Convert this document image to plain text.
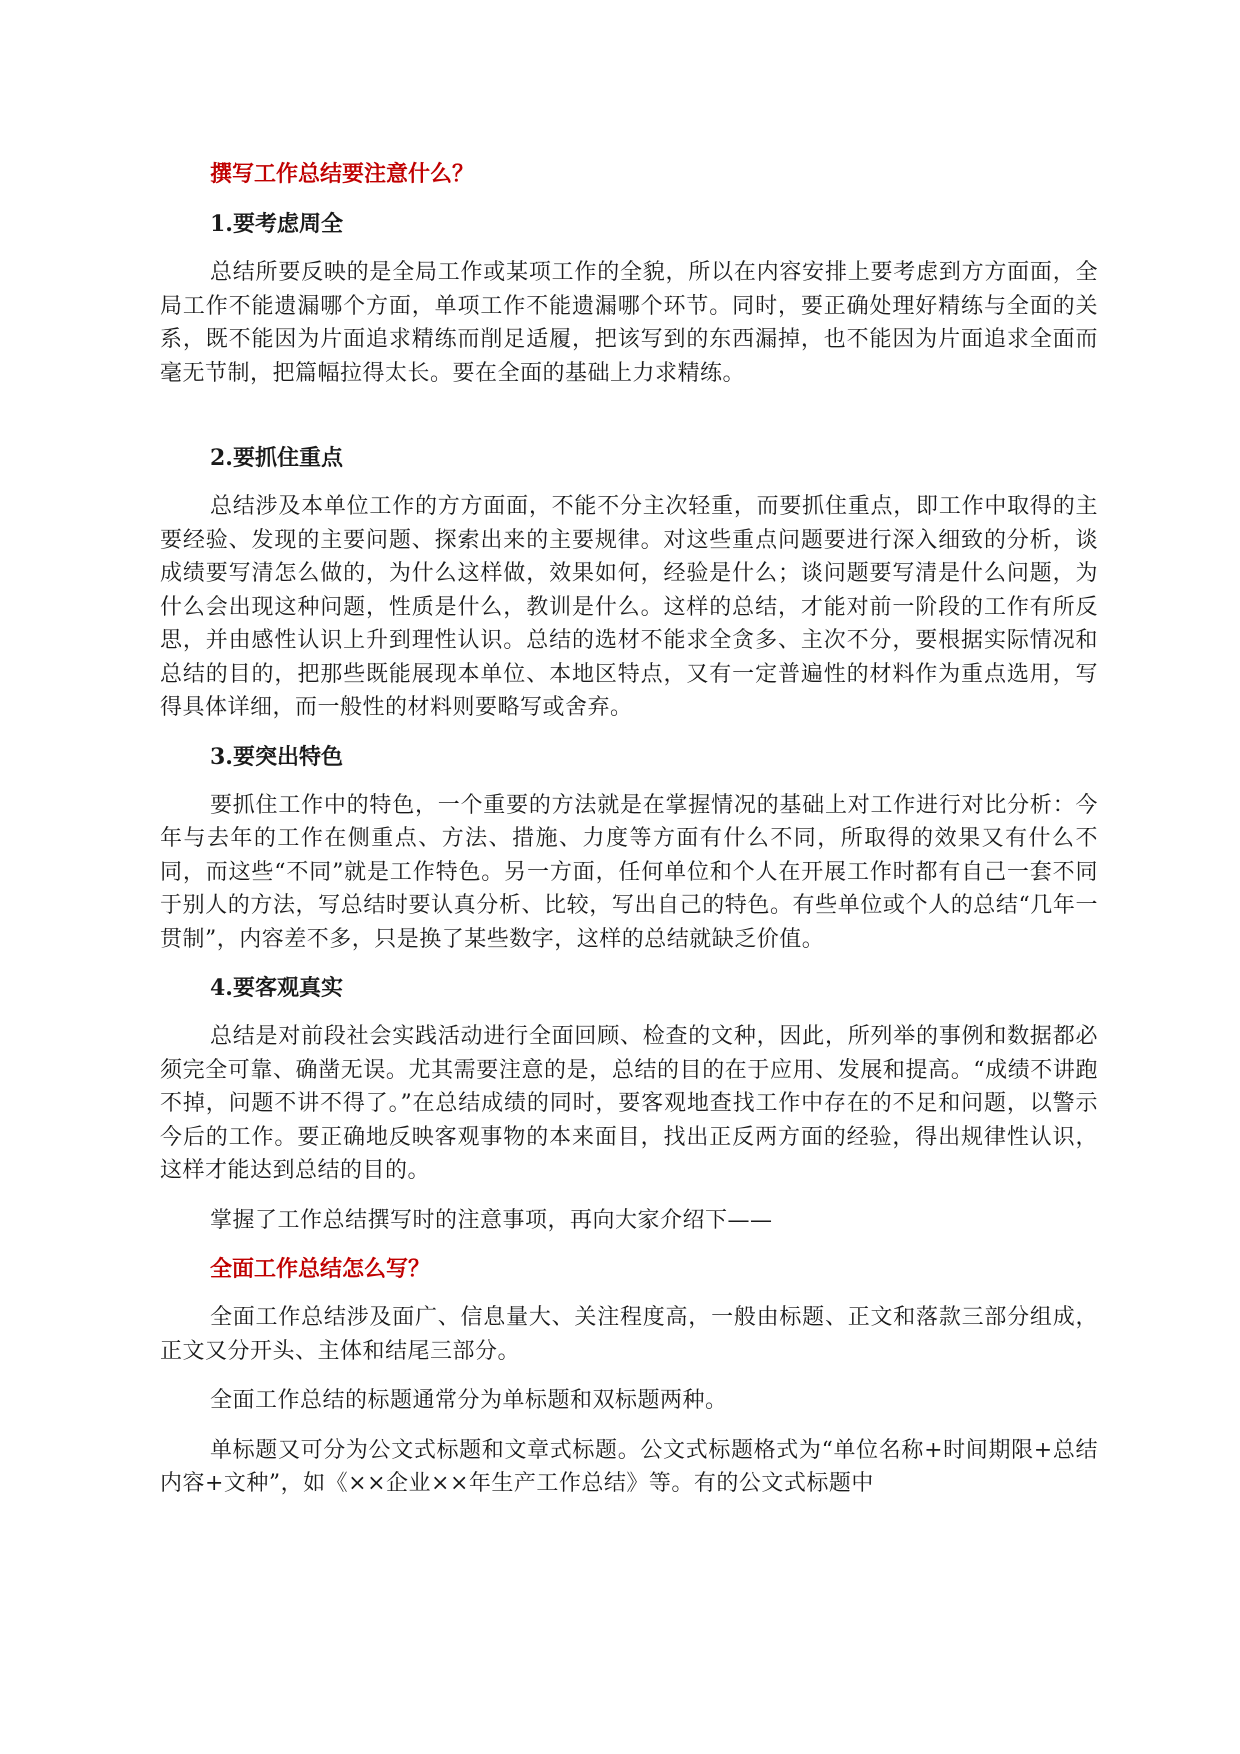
撰写工作总结要注意什么？
1.要考虑周全

总结所要反映的是全局工作或某项工作的全貌，所以在内容安排上要考虑到方方面面，全局工作不能遗漏哪个方面，单项工作不能遗漏哪个环节。同时，要正确处理好精练与全面的关系，既不能因为片面追求精练而削足适履，把该写到的东西漏掉，也不能因为片面追求全面而毫无节制，把篇幅拉得太长。要在全面的基础上力求精练。

2.要抓住重点

总结涉及本单位工作的方方面面，不能不分主次轻重，而要抓住重点，即工作中取得的主要经验、发现的主要问题、探索出来的主要规律。对这些重点问题要进行深入细致的分析，谈成绩要写清怎么做的，为什么这样做，效果如何，经验是什么；谈问题要写清是什么问题，为什么会出现这种问题，性质是什么，教训是什么。这样的总结，才能对前一阶段的工作有所反思，并由感性认识上升到理性认识。总结的选材不能求全贪多、主次不分，要根据实际情况和总结的目的，把那些既能展现本单位、本地区特点，又有一定普遍性的材料作为重点选用，写得具体详细，而一般性的材料则要略写或舍弃。

3.要突出特色

要抓住工作中的特色，一个重要的方法就是在掌握情况的基础上对工作进行对比分析：今年与去年的工作在侧重点、方法、措施、力度等方面有什么不同，所取得的效果又有什么不同，而这些“不同”就是工作特色。另一方面，任何单位和个人在开展工作时都有自己一套不同于别人的方法，写总结时要认真分析、比较，写出自己的特色。有些单位或个人的总结“几年一贯制”，内容差不多，只是换了某些数字，这样的总结就缺乏价值。

4.要客观真实

总结是对前段社会实践活动进行全面回顾、检查的文种，因此，所列举的事例和数据都必须完全可靠、确凿无误。尤其需要注意的是，总结的目的在于应用、发展和提高。“成绩不讲跑不掉，问题不讲不得了。”在总结成绩的同时，要客观地查找工作中存在的不足和问题，以警示今后的工作。要正确地反映客观事物的本来面目，找出正反两方面的经验，得出规律性认识，这样才能达到总结的目的。

掌握了工作总结撰写时的注意事项，再向大家介绍下——

全面工作总结怎么写？

全面工作总结涉及面广、信息量大、关注程度高，一般由标题、正文和落款三部分组成，正文又分开头、主体和结尾三部分。

全面工作总结的标题通常分为单标题和双标题两种。

单标题又可分为公文式标题和文章式标题。公文式标题格式为“单位名称+时间期限+总结内容+文种”，如《××企业××年生产工作总结》等。有的公文式标题中
